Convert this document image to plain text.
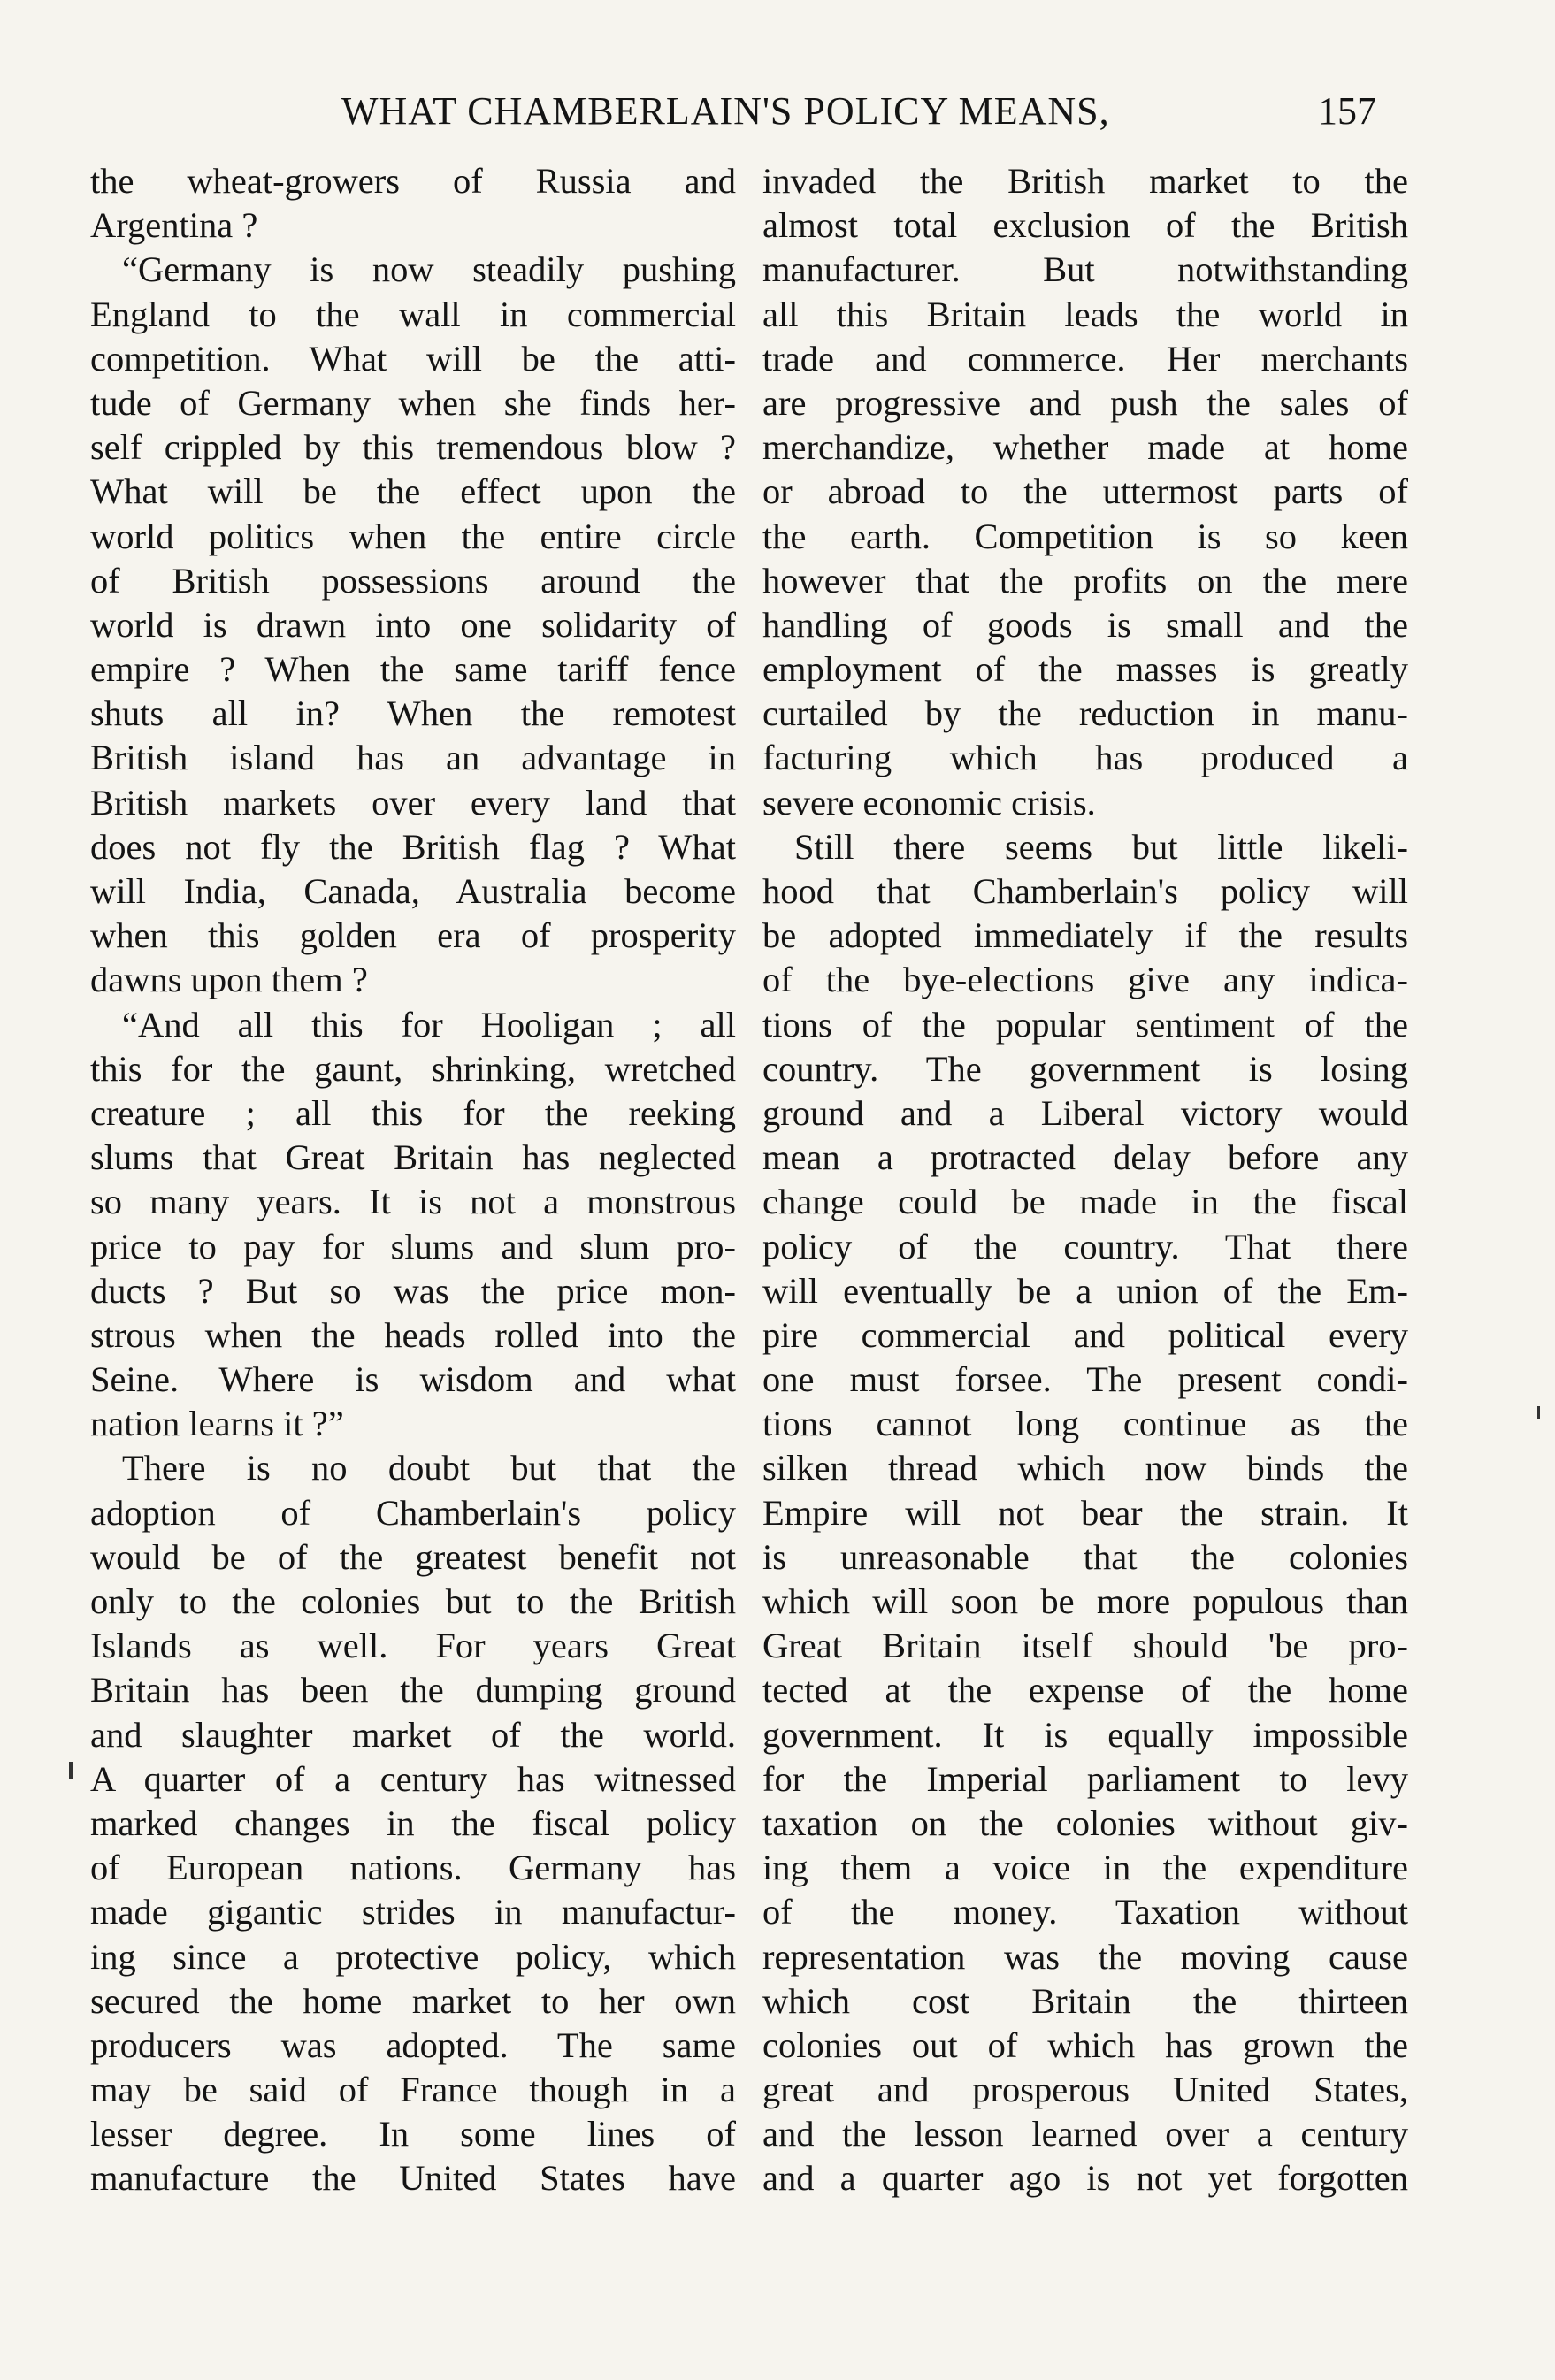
WHAT CHAMBERLAIN'S POLICY MEANS,	157
the wheat-growers of Russia and
Argentina ?
“Germany is now steadily pushing
England to the wall in commercial
competition. What will be the atti-
tude of Germany when she finds her-
self crippled by this tremendous blow ?
What will be the effect upon the
world politics when the entire circle
of British possessions around the
world is drawn into one solidarity of
empire ? When the same tariff fence
shuts all in? When the remotest
British island has an advantage in
British markets over every land that
does not fly the British flag ? What
will India, Canada, Australia become
when this golden era of prosperity
dawns upon them ?
“And all this for Hooligan ; all
this for the gaunt, shrinking, wretched
creature ; all this for the reeking
slums that Great Britain has neglected
so many years. It is not a monstrous
price to pay for slums and slum pro-
ducts ? But so was the price mon-
strous when the heads rolled into the
Seine. Where is wisdom and what
nation learns it ?”
There is no doubt but that the
adoption of Chamberlain's policy
would be of the greatest benefit not
only to the colonies but to the British
Islands as well. For years Great
Britain has been the dumping ground
and slaughter market of the world.
A quarter of a century has witnessed
marked changes in the fiscal policy
of European nations. Germany has
made gigantic strides in manufactur-
ing since a protective policy, which
secured the home market to her own
producers was adopted. The same
may be said of France though in a
lesser degree. In some lines of
manufacture the United States have
invaded the British market to the
almost total exclusion of the British
manufacturer. But notwithstanding
all this Britain leads the world in
trade and commerce. Her merchants
are progressive and push the sales of
merchandize, whether made at home
or abroad to the uttermost parts of
the earth. Competition is so keen
however that the profits on the mere
handling of goods is small and the
employment of the masses is greatly
curtailed by the reduction in manu-
facturing which has produced a
severe economic crisis.
Still there seems but little likeli-
hood that Chamberlain's policy will
be adopted immediately if the results
of the bye-elections give any indica-
tions of the popular sentiment of the
country. The government is losing
ground and a Liberal victory would
mean a protracted delay before any
change could be made in the fiscal
policy of the country. That there
will eventually be a union of the Em-
pire commercial and political every
one must forsee. The present condi-
tions cannot long continue as the
silken thread which now binds the
Empire will not bear the strain. It
is unreasonable that the colonies
which will soon be more populous than
Great Britain itself should 'be pro-
tected at the expense of the home
government. It is equally impossible
for the Imperial parliament to levy
taxation on the colonies without giv-
ing them a voice in the expenditure
of the money. Taxation without
representation was the moving cause
which cost Britain the thirteen
colonies out of which has grown the
great and prosperous United States,
and the lesson learned over a century
and a quarter ago is not yet forgotten
